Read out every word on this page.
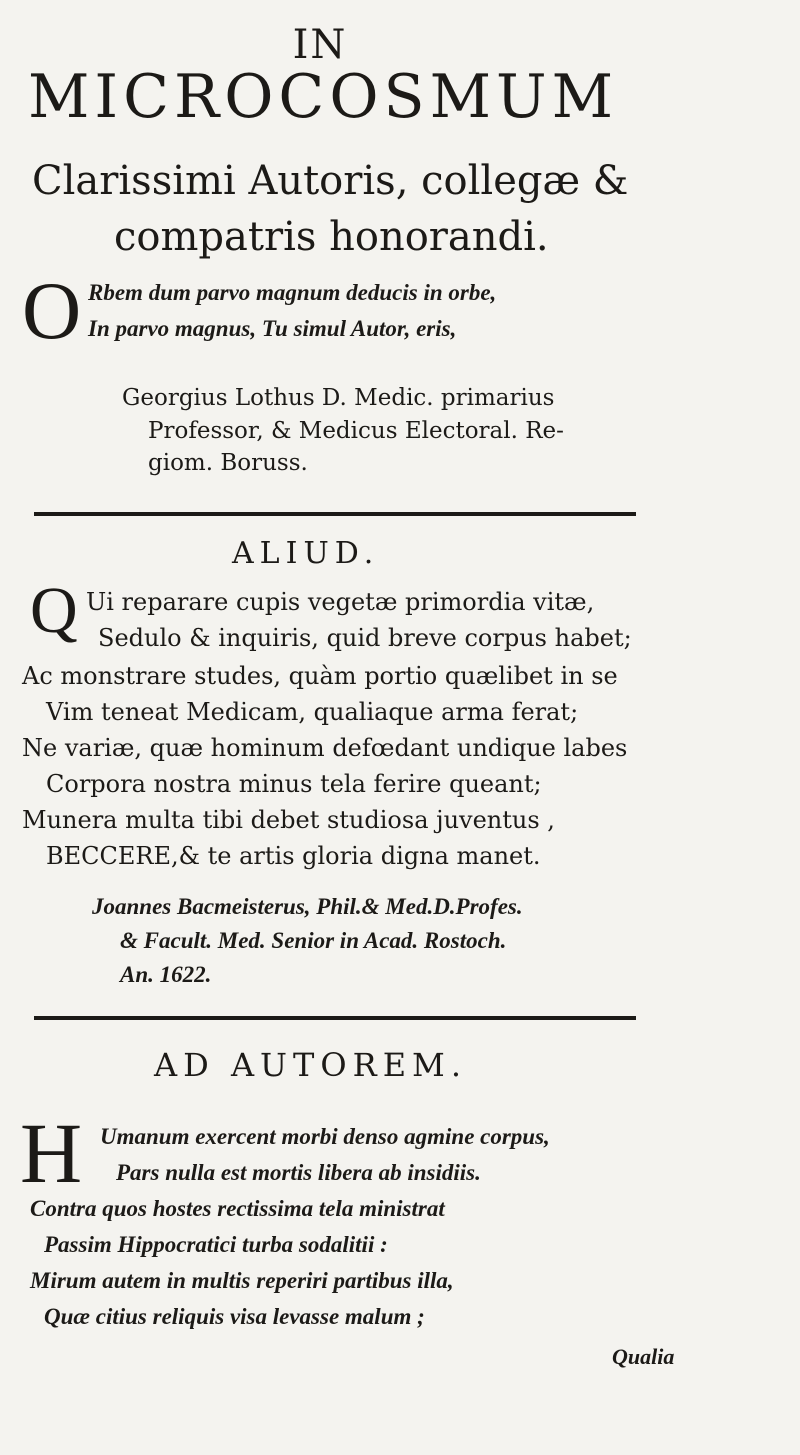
IN
MICROCOSMUM
Clarissimi Autoris, collegæ &
compatris honorandi.
O Rbem dum parvo magnum deducis in orbe,
In parvo magnus, Tu simul Autor, eris,
Georgius Lothus D. Medic. primarius
Professor, & Medicus Electoral. Re-
giom. Boruss.
ALIUD.
Q Ui reparare cupis vegetæ primordia vitæ,
Sedulo & inquiris, quid breve corpus habet;
Ac monstrare studes, quàm portio quælibet in se
Vim teneat Medicam, qualiaque arma ferat;
Ne variæ, quæ hominum defœdant undique labes
Corpora nostra minus tela ferire queant;
Munera multa tibi debet studiosa juventus ,
BECCERE,& te artis gloria digna manet.
Joannes Bacmeisterus, Phil.& Med.D.Profes.
& Facult. Med. Senior in Acad. Rostoch.
An. 1622.
AD AUTOREM.
H Umanum exercent morbi denso agmine corpus,
Pars nulla est mortis libera ab insidiis.
Contra quos hostes rectissima tela ministrat
Passim Hippocratici turba sodalitii :
Mirum autem in multis reperiri partibus illa,
Quæ citius reliquis visa levasse malum ;
Qualia
